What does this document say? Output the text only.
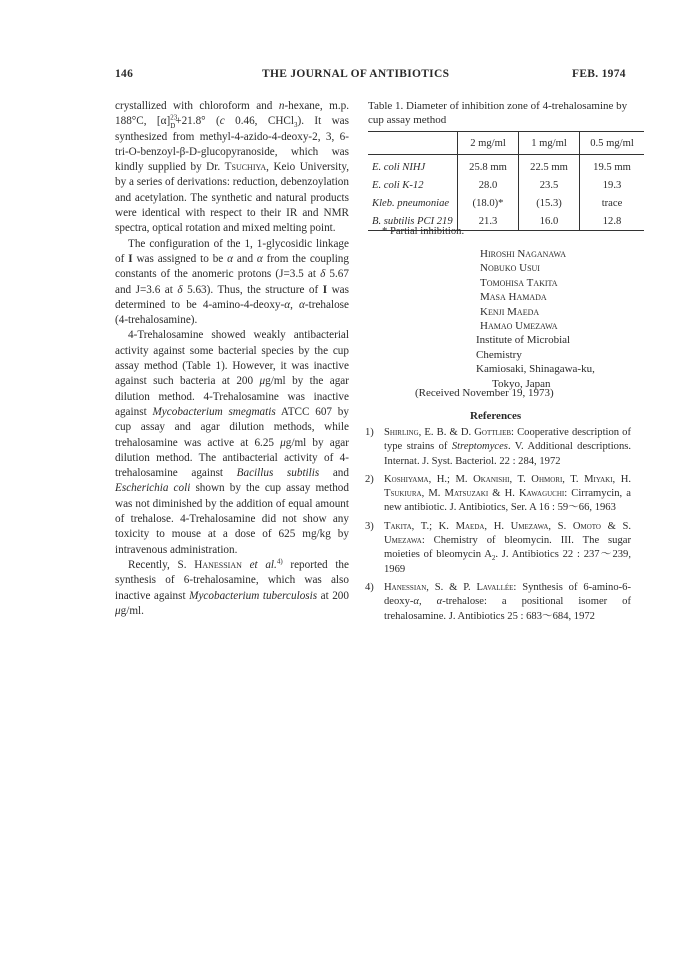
146	THE JOURNAL OF ANTIBIOTICS	FEB. 1974

crystallized with chloroform and n-hexane, m.p. 188°C, $[\alpha]^{23}_D+21.8^\circ$ (c 0.46, CHCl$_3$). It was synthesized from methyl-4-azido-4-deoxy-2, 3, 6-tri-O-benzoyl-β-D-glucopyranoside, which was kindly supplied by Dr. Tsuchiya, Keio University, by a series of derivations: reduction, debenzoylation and acetylation. The synthetic and natural products were identical with respect to their IR and NMR spectra, optical rotation and mixed melting point.

The configuration of the 1, 1-glycosidic linkage of I was assigned to be α and α from the coupling constants of the anomeric protons (J=3.5 at δ 5.67 and J=3.6 at δ 5.63). Thus, the structure of I was determined to be 4-amino-4-deoxy-α, α-trehalose (4-trehalosamine).

4-Trehalosamine showed weakly antibacterial activity against some bacterial species by the cup assay method (Table 1). However, it was inactive against such bacteria at 200 μg/ml by the agar dilution method. 4-Trehalosamine was inactive against Mycobacterium smegmatis ATCC 607 by cup assay and agar dilution methods, while trehalosamine was active at 6.25 μg/ml by agar dilution method. The antibacterial activity of 4-trehalosamine against Bacillus subtilis and Escherichia coli shown by the cup assay method was not diminished by the addition of equal amount of trehalose. 4-Trehalosamine did not show any toxicity to mouse at a dose of 625 mg/kg by intravenous administration.

Recently, S. Hanessian et al.$^{4)}$ reported the synthesis of 6-trehalosamine, which was also inactive against Mycobacterium tuberculosis at 200 μg/ml.

Table 1. Diameter of inhibition zone of 4-trehalosamine by cup assay method
	2 mg/ml	1 mg/ml	0.5 mg/ml
E. coli NIHJ	25.8 mm	22.5 mm	19.5 mm
E. coli K-12	28.0	23.5	19.3
Kleb. pneumoniae	(18.0)*	(15.3)	trace
B. subtilis PCI 219	21.3	16.0	12.8
* Partial inhibition.
Hiroshi Naganawa
Nobuko Usui
Tomohisa Takita
Masa Hamada
Kenji Maeda
Hamao Umezawa
Institute of Microbial
Chemistry
Kamiosaki, Shinagawa-ku,
Tokyo, Japan
(Received November 19, 1973)
References
1) Shirling, E. B. & D. Gottlieb: Cooperative description of type strains of Streptomyces. V. Additional descriptions. Internat. J. Syst. Bacteriol. 22 : 284, 1972
2) Koshiyama, H.; M. Okanishi, T. Ohmori, T. Miyaki, H. Tsukiura, M. Matsuzaki & H. Kawaguchi: Cirramycin, a new antibiotic. J. Antibiotics, Ser. A 16 : 59～66, 1963
3) Takita, T.; K. Maeda, H. Umezawa, S. Omoto & S. Umezawa: Chemistry of bleomycin. III. The sugar moieties of bleomycin $A_2$. J. Antibiotics 22 : 237～239, 1969
4) Hanessian, S. & P. Lavallée: Synthesis of 6-amino-6-deoxy-α, α-trehalose: a positional isomer of trehalosamine. J. Antibiotics 25 : 683～684, 1972
